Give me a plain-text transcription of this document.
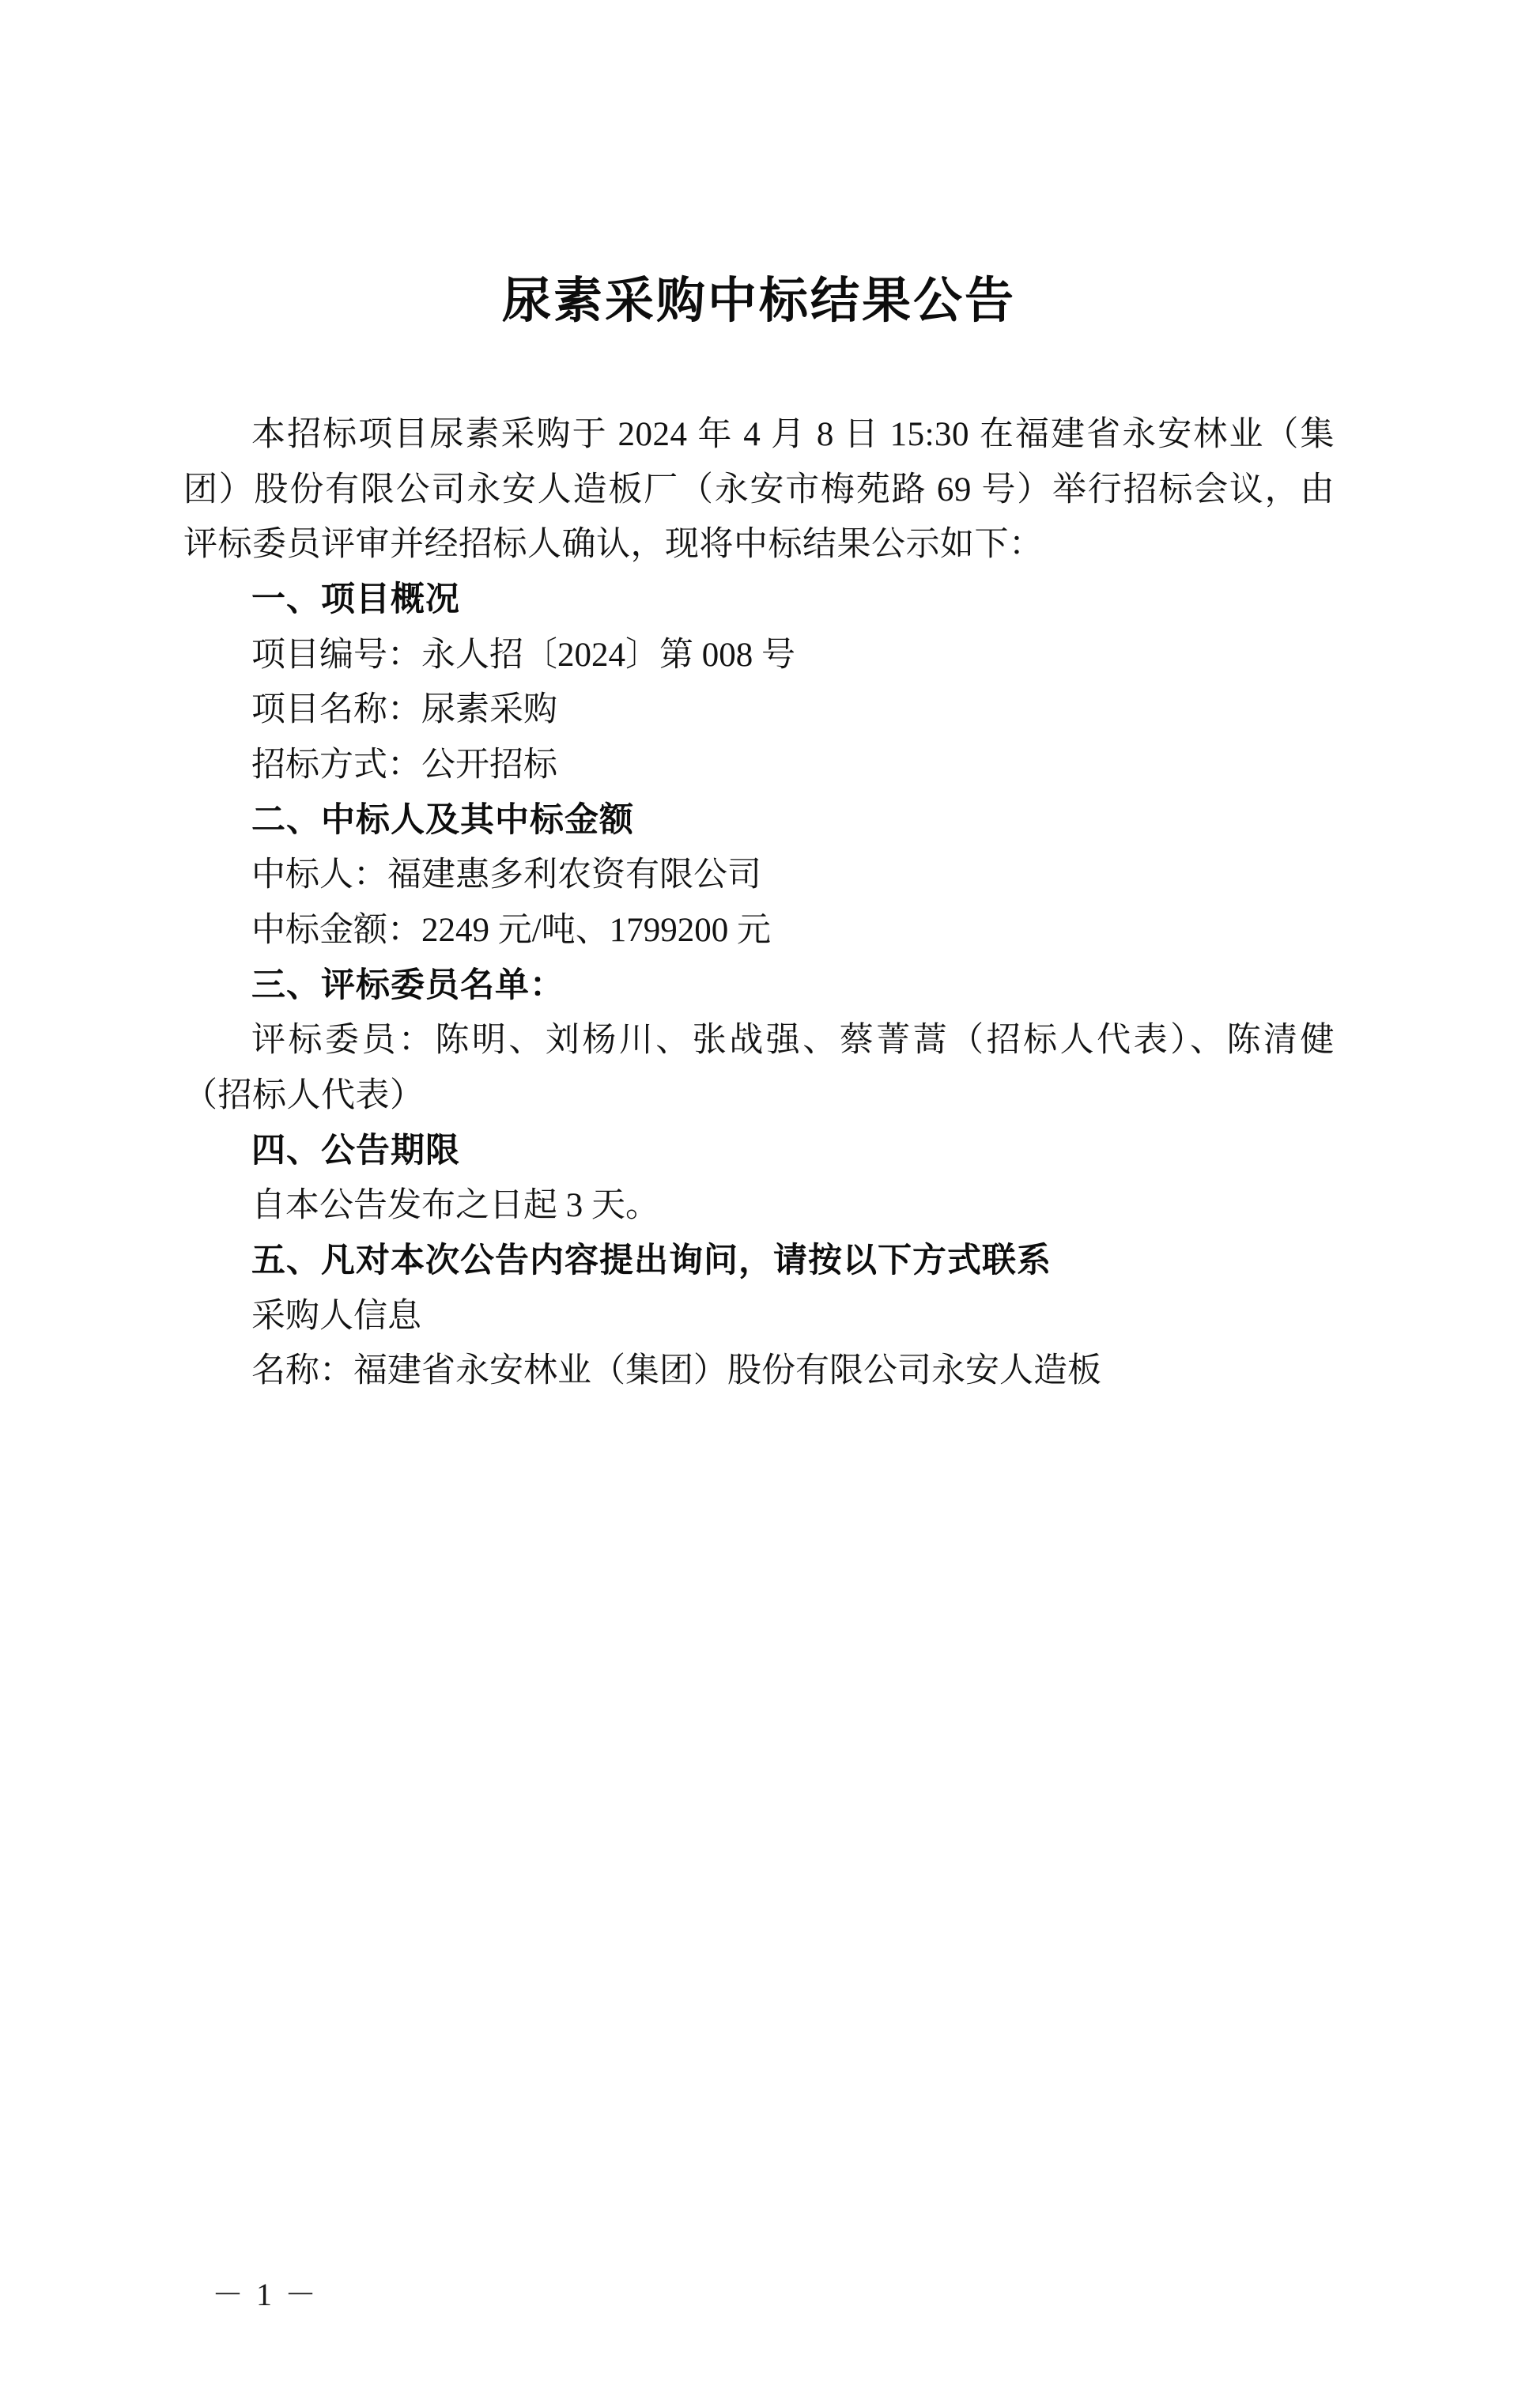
尿素采购中标结果公告

本招标项目尿素采购于 2024 年 4 月 8 日 15:30 在福建省永安林业（集团）股份有限公司永安人造板厂（永安市梅苑路 69 号）举行招标会议，由评标委员评审并经招标人确认，现将中标结果公示如下：

一、项目概况

项目编号：永人招〔2024〕第 008 号

项目名称：尿素采购

招标方式：公开招标

二、中标人及其中标金额

中标人：福建惠多利农资有限公司

中标金额：2249 元/吨、1799200 元

三、评标委员名单：

评标委员：陈明、刘杨川、张战强、蔡菁蒿（招标人代表）、陈清健（招标人代表）

四、公告期限

自本公告发布之日起 3 天。

五、凡对本次公告内容提出询问，请按以下方式联系

采购人信息

名称：福建省永安林业（集团）股份有限公司永安人造板

－ 1 －
